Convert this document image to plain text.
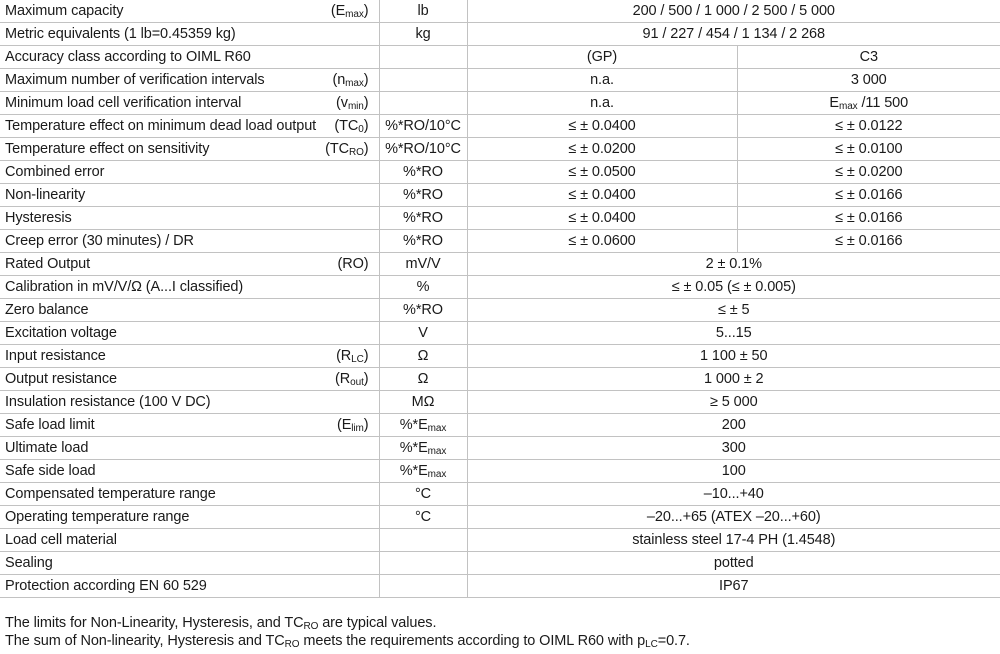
Maximum capacity $(E_{max})$	lb	200 / 500 / 1 000 / 2 500 / 5 000	

Metric equivalents (1 lb=0.45359 kg)	kg	91 / 227 / 454 / 1 134 / 2 268	

Accuracy class according to OIML R60		(GP)	C3

Maximum number of verification intervals $(n_{max})$		n.a.	3 000

Minimum load cell verification interval $(v_{min})$		n.a.	$E_{max}$ /11 500

Temperature effect on minimum dead load output $(TC_0)$	%*RO/10°C	≤ ± 0.0400	≤ ± 0.0122

Temperature effect on sensitivity $(TC_{RO})$	%*RO/10°C	≤ ± 0.0200	≤ ± 0.0100

Combined error	%*RO	≤ ± 0.0500	≤ ± 0.0200

Non-linearity	%*RO	≤ ± 0.0400	≤ ± 0.0166

Hysteresis	%*RO	≤ ± 0.0400	≤ ± 0.0166

Creep error (30 minutes) / DR	%*RO	≤ ± 0.0600	≤ ± 0.0166

Rated Output (RO)	mV/V	2 ± 0.1%	

Calibration in mV/V/Ω (A...I classified)	%	≤ ± 0.05 (≤ ± 0.005)	

Zero balance	%*RO	≤ ± 5	

Excitation voltage	V	5...15	

Input resistance $(R_{LC})$	Ω	1 100 ± 50	

Output resistance $(R_{out})$	Ω	1 000 ± 2	

Insulation resistance (100 V DC)	MΩ	≥ 5 000	

Safe load limit $(E_{lim})$	$\%*E_{max}$	200	

Ultimate load	$\%*E_{max}$	300	

Safe side load	$\%*E_{max}$	100	

Compensated temperature range	°C	–10...+40	

Operating temperature range	°C	–20...+65 (ATEX –20...+60)	

Load cell material		stainless steel 17-4 PH (1.4548)	

Sealing		potted	

Protection according EN 60 529		IP67	
The limits for Non-Linearity, Hysteresis, and $TC_{RO}$ are typical values.
The sum of Non-linearity, Hysteresis and $TC_{RO}$ meets the requirements according to OIML R60 with $p_{LC}=0.7$.
